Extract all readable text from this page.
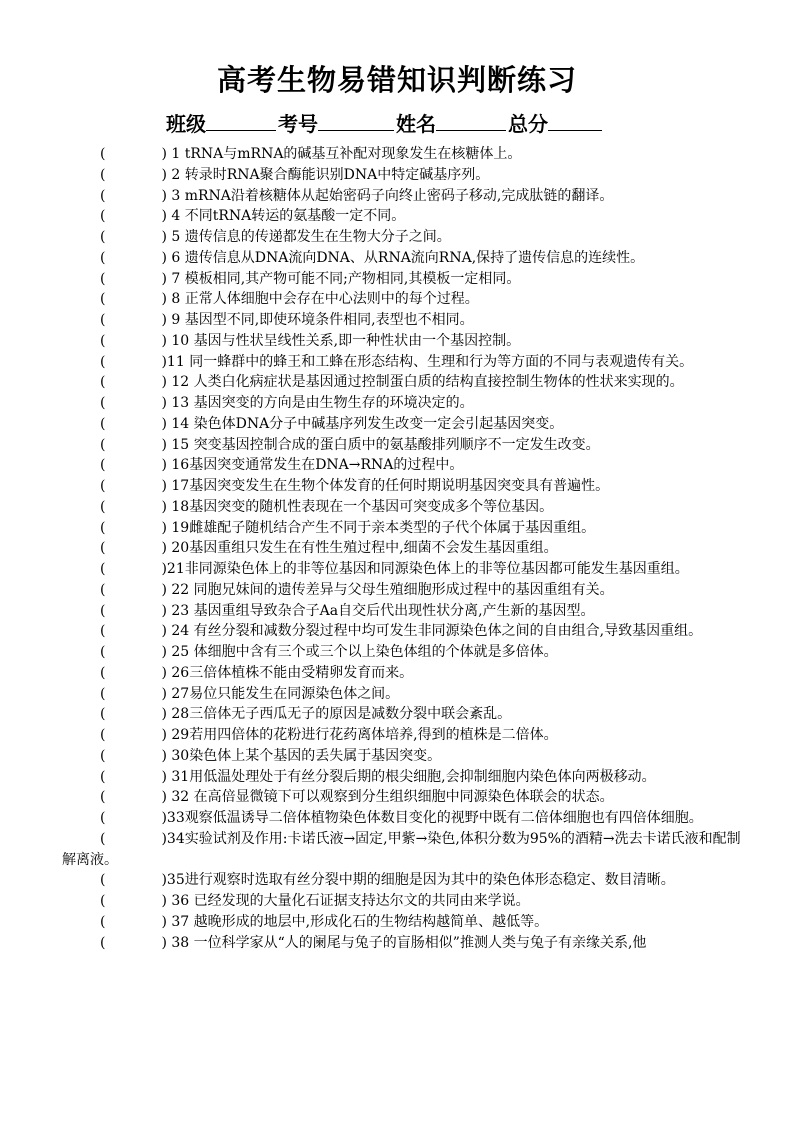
高考生物易错知识判断练习
班级	考号	姓名	总分
(　　　　) 1 tRNA与mRNA的碱基互补配对现象发生在核糖体上。
(　　　　) 2 转录时RNA聚合酶能识别DNA中特定碱基序列。
(　　　　) 3 mRNA沿着核糖体从起始密码子向终止密码子移动,完成肽链的翻译。
(　　　　) 4 不同tRNA转运的氨基酸一定不同。
(　　　　) 5 遗传信息的传递都发生在生物大分子之间。
(　　　　) 6 遗传信息从DNA流向DNA、从RNA流向RNA,保持了遗传信息的连续性。
(　　　　) 7 模板相同,其产物可能不同;产物相同,其模板一定相同。
(　　　　) 8 正常人体细胞中会存在中心法则中的每个过程。
(　　　　) 9 基因型不同,即使环境条件相同,表型也不相同。
(　　　　) 10 基因与性状呈线性关系,即一种性状由一个基因控制。
(　　　　)11 同一蜂群中的蜂王和工蜂在形态结构、生理和行为等方面的不同与表观遗传有关。
(　　　　) 12 人类白化病症状是基因通过控制蛋白质的结构直接控制生物体的性状来实现的。
(　　　　) 13 基因突变的方向是由生物生存的环境决定的。
(　　　　) 14 染色体DNA分子中碱基序列发生改变一定会引起基因突变。
(　　　　) 15 突变基因控制合成的蛋白质中的氨基酸排列顺序不一定发生改变。
(　　　　) 16基因突变通常发生在DNA→RNA的过程中。
(　　　　) 17基因突变发生在生物个体发育的任何时期说明基因突变具有普遍性。
(　　　　) 18基因突变的随机性表现在一个基因可突变成多个等位基因。
(　　　　) 19雌雄配子随机结合产生不同于亲本类型的子代个体属于基因重组。
(　　　　) 20基因重组只发生在有性生殖过程中,细菌不会发生基因重组。
(　　　　)21非同源染色体上的非等位基因和同源染色体上的非等位基因都可能发生基因重组。
(　　　　) 22 同胞兄妹间的遗传差异与父母生殖细胞形成过程中的基因重组有关。
(　　　　) 23 基因重组导致杂合子Aa自交后代出现性状分离,产生新的基因型。
(　　　　) 24 有丝分裂和减数分裂过程中均可发生非同源染色体之间的自由组合,导致基因重组。
(　　　　) 25 体细胞中含有三个或三个以上染色体组的个体就是多倍体。
(　　　　) 26三倍体植株不能由受精卵发育而来。
(　　　　) 27易位只能发生在同源染色体之间。
(　　　　) 28三倍体无子西瓜无子的原因是减数分裂中联会紊乱。
(　　　　) 29若用四倍体的花粉进行花药离体培养,得到的植株是二倍体。
(　　　　) 30染色体上某个基因的丢失属于基因突变。
(　　　　) 31用低温处理处于有丝分裂后期的根尖细胞,会抑制细胞内染色体向两极移动。
(　　　　) 32 在高倍显微镜下可以观察到分生组织细胞中同源染色体联会的状态。
(　　　　)33观察低温诱导二倍体植物染色体数目变化的视野中既有二倍体细胞也有四倍体细胞。
(　　　　)34实验试剂及作用:卡诺氏液→固定,甲紫→染色,体积分数为95%的酒精→洗去卡诺氏液和配制解离液。
(　　　　)35进行观察时选取有丝分裂中期的细胞是因为其中的染色体形态稳定、数目清晰。
(　　　　) 36 已经发现的大量化石证据支持达尔文的共同由来学说。
(　　　　) 37 越晚形成的地层中,形成化石的生物结构越简单、越低等。
(　　　　) 38 一位科学家从“人的阑尾与兔子的盲肠相似”推测人类与兔子有亲缘关系,他
